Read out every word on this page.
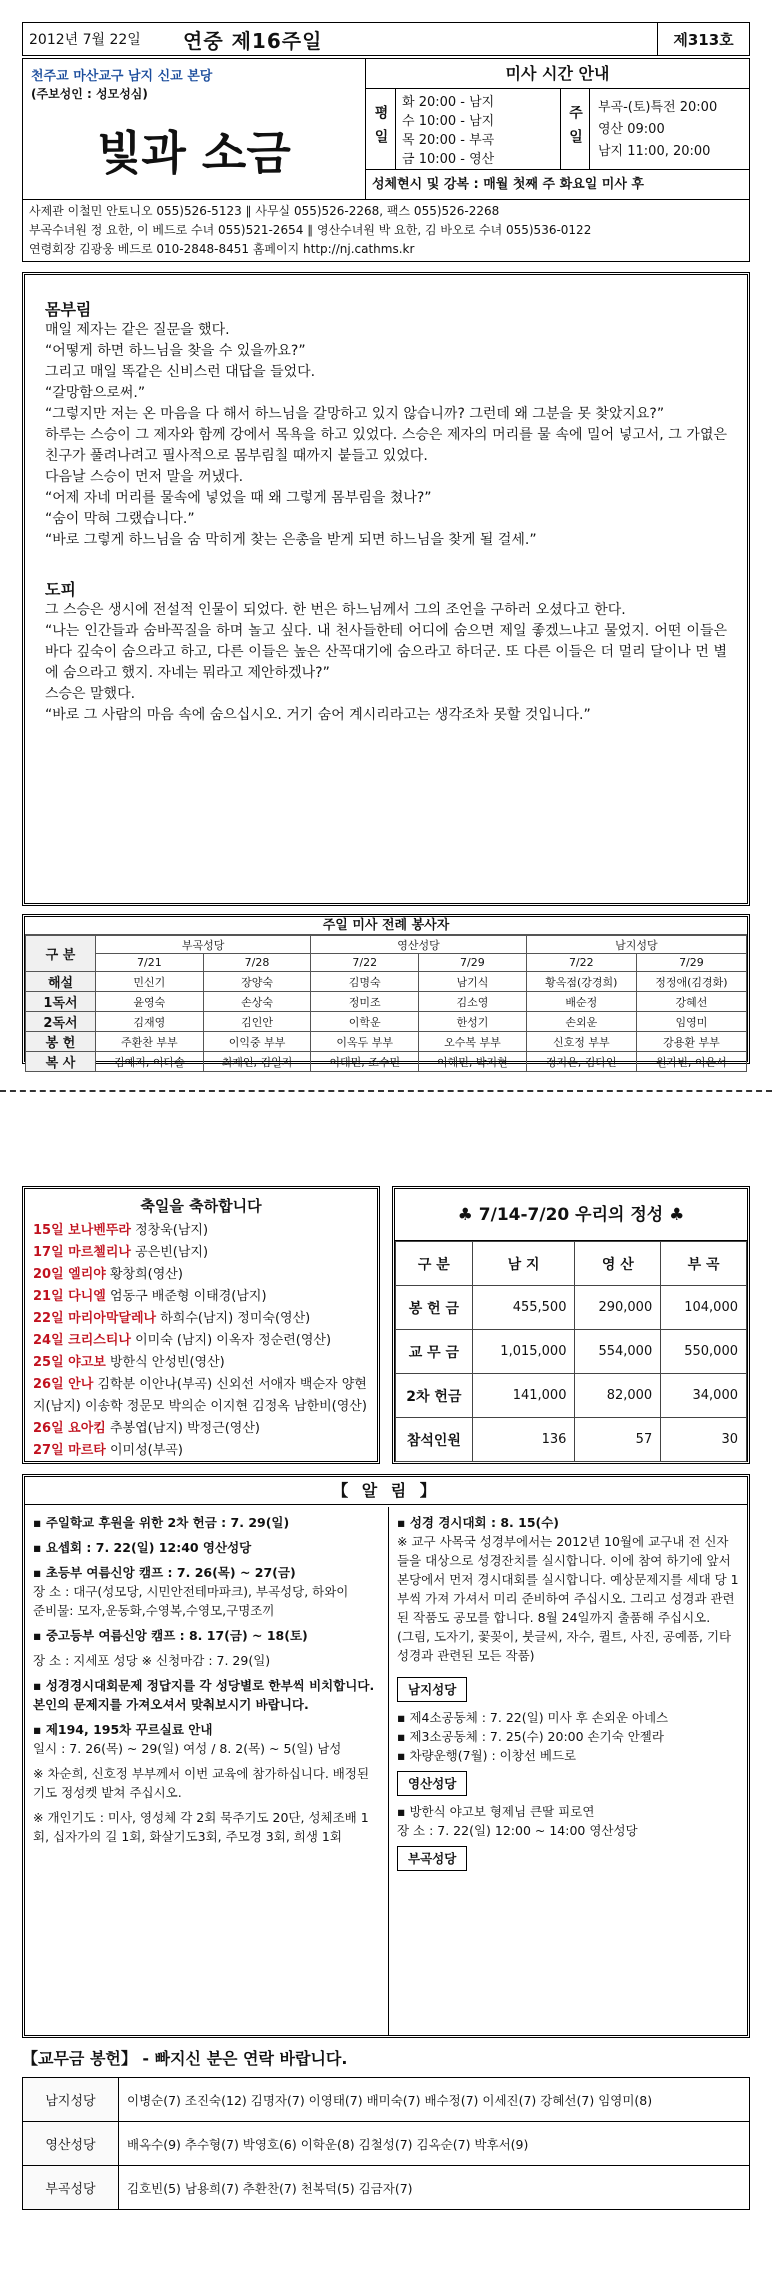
2012년 7월 22일	연중 제16주일	제313호
천주교 마산교구 남지 신교 본당
(주보성인 : 성모성심)
빛과 소금
미사 시간 안내
평일
화 20:00 - 남지
수 10:00 - 남지
목 20:00 - 부곡
금 10:00 - 영산
주일	부곡-(토)특전 20:00
영산 09:00
남지 11:00, 20:00
성체현시 및 강복 : 매월 첫째 주 화요일 미사 후
사제관 이철민 안토니오 055)526-5123 ∥ 사무실 055)526-2268, 팩스 055)526-2268
부곡수녀원 정 요한, 이 베드로 수녀 055)521-2654 ∥ 영산수녀원 박 요한, 김 바오로 수녀 055)536-0122
연령회장 김광웅 베드로 010-2848-8451 홈페이지 http://nj.cathms.kr
몸부림

매일 제자는 같은 질문을 했다.

“어떻게 하면 하느님을 찾을 수 있을까요?”

그리고 매일 똑같은 신비스런 대답을 들었다.

“갈망함으로써.”

“그렇지만 저는 온 마음을 다 해서 하느님을 갈망하고 있지 않습니까? 그런데 왜 그분을 못 찾았지요?”

하루는 스승이 그 제자와 함께 강에서 목욕을 하고 있었다. 스승은 제자의 머리를 물 속에 밀어 넣고서, 그 가엾은 친구가 풀려나려고 필사적으로 몸부림칠 때까지 붙들고 있었다.

다음날 스승이 먼저 말을 꺼냈다.

“어제 자네 머리를 물속에 넣었을 때 왜 그렇게 몸부림을 쳤나?”

“숨이 막혀 그랬습니다.”

“바로 그렇게 하느님을 숨 막히게 찾는 은총을 받게 되면 하느님을 찾게 될 걸세.”

도피

그 스승은 생시에 전설적 인물이 되었다. 한 번은 하느님께서 그의 조언을 구하러 오셨다고 한다.

“나는 인간들과 숨바꼭질을 하며 놀고 싶다. 내 천사들한테 어디에 숨으면 제일 좋겠느냐고 물었지. 어떤 이들은 바다 깊숙이 숨으라고 하고, 다른 이들은 높은 산꼭대기에 숨으라고 하더군. 또 다른 이들은 더 멀리 달이나 먼 별에 숨으라고 했지. 자네는 뭐라고 제안하겠나?”

스승은 말했다.

“바로 그 사람의 마음 속에 숨으십시오. 거기 숨어 계시리라고는 생각조차 못할 것입니다.”

주일 미사 전례 봉사자
구 분	부곡성당		영산성당		남지성당	
	7/21	7/28	7/22	7/29	7/22	7/29
해설	민신기	장양숙	김명숙	남기식	황옥점(강경희)	정정애(김경화)
1독서	윤영숙	손상숙	정미조	김소영	배순정	강혜선
2독서	김재영	김인안	이학운	한성기	손외운	임영미
봉 헌	주환찬 부부	이익중 부부	이옥두 부부	오수복 부부	신호정 부부	강용환 부부
복 사	김예지, 이다솔	최재인, 김일지	이태민, 조수민	이해민, 박지현	정지은, 김다인	원가빈, 이은서
축일을 축하합니다
15일 보나벤뚜라 정창욱(남지)
17일 마르첼리나 공은빈(남지)
20일 엘리야 황창희(영산)
21일 다니엘 엄동구 배준형 이태경(남지)
22일 마리아막달레나 하희수(남지) 정미숙(영산)
24일 크리스티나 이미숙 (남지) 이옥자 정순련(영산)
25일 야고보 방한식 안성빈(영산)
26일 안나 김학분 이안나(부곡) 신외선 서애자 백순자 양현지(남지) 이송학 정문모 박의순 이지현 김정옥 남한비(영산)
26일 요아킴 추봉엽(남지) 박정근(영산)
27일 마르타 이미성(부곡)
♣ 7/14-7/20 우리의 정성 ♣
구 분	남 지	영 산	부 곡
봉 헌 금	455,500	290,000	104,000
교 무 금	1,015,000	554,000	550,000
2차 헌금	141,000	82,000	34,000
참석인원	136	57	30
【 알 림 】
▪ 주일학교 후원을 위한 2차 헌금 : 7. 29(일)
▪ 요셉회 : 7. 22(일) 12:40 영산성당
▪ 초등부 여름신앙 캠프 : 7. 26(목) ~ 27(금)
장 소 : 대구(성모당, 시민안전테마파크), 부곡성당, 하와이
준비물: 모자,운동화,수영복,수영모,구명조끼
▪ 중고등부 여름신앙 캠프 : 8. 17(금) ~ 18(토)
장 소 : 지세포 성당 ※ 신청마감 : 7. 29(일)
▪ 성경경시대회문제 정답지를 각 성당별로 한부씩 비치합니다. 본인의 문제지를 가져오셔서 맞춰보시기 바랍니다.
▪ 제194, 195차 꾸르실료 안내
일시 : 7. 26(목) ~ 29(일) 여성 / 8. 2(목) ~ 5(일) 남성
※ 차순희, 신호정 부부께서 이번 교육에 참가하십니다. 배정된 기도 정성켓 밭쳐 주십시오.
※ 개인기도 : 미사, 영성체 각 2회 묵주기도 20단, 성체조배 1회, 십자가의 길 1회, 화살기도3회, 주모경 3회, 희생 1회
▪ 성경 경시대회 : 8. 15(수)
※ 교구 사목국 성경부에서는 2012년 10월에 교구내 전 신자들을 대상으로 성경잔치를 실시합니다. 이에 참여 하기에 앞서 본당에서 먼저 경시대회를 실시합니다. 예상문제지를 세대 당 1부씩 가져 가셔서 미리 준비하여 주십시오. 그리고 성경과 관련된 작품도 공모를 합니다. 8월 24일까지 출품해 주십시오.
(그림, 도자기, 꽃꽂이, 붓글씨, 자수, 퀼트, 사진, 공예품, 기타 성경과 관련된 모든 작품)
남지성당
▪ 제4소공동체 : 7. 22(일) 미사 후 손외운 아네스
▪ 제3소공동체 : 7. 25(수) 20:00 손기숙 안젤라
▪ 차량운행(7월) : 이창선 베드로
영산성당
▪ 방한식 야고보 형제님 큰딸 피로연
장 소 : 7. 22(일) 12:00 ~ 14:00 영산성당
부곡성당
【교무금 봉헌】 - 빠지신 분은 연락 바랍니다.
남지성당	이병순(7) 조진숙(12) 김명자(7) 이영태(7) 배미숙(7) 배수정(7) 이세진(7) 강혜선(7) 임영미(8)
영산성당	배옥수(9) 추수형(7) 박영호(6) 이학운(8) 김철성(7) 김옥순(7) 박후서(9)
부곡성당	김호빈(5) 남용희(7) 추환찬(7) 천복덕(5) 김금자(7)
